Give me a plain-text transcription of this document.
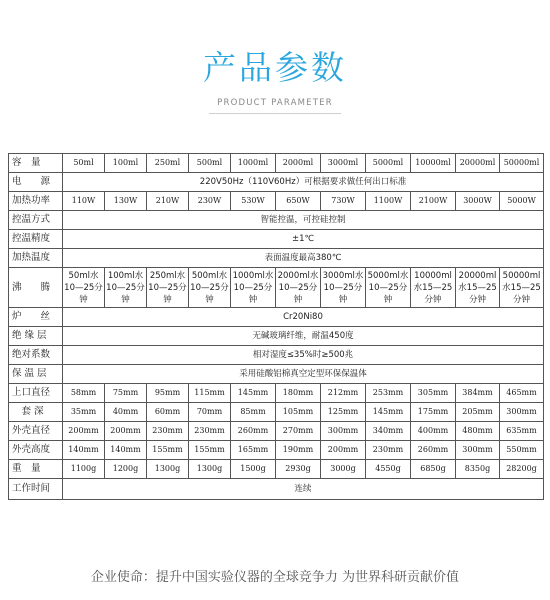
产品参数
PRODUCT PARAMETER
容　量	50ml	100ml	250ml	500ml	1000ml	2000ml	3000ml	5000ml	10000ml	20000ml	50000ml
电　　源	220V50Hz（110V60Hz）可根据要求做任何出口标准										
加热功率	110W	130W	210W	230W	530W	650W	730W	1100W	2100W	3000W	5000W
控温方式	智能控温，可控硅控制										
控温精度	±1℃										
加热温度	表面温度最高380℃										
沸　　腾	50ml水10—25分钟	100ml水10—25分钟	250ml水10—25分钟	500ml水10—25分钟	1000ml水10—25分钟	2000ml水10—25分钟	3000ml水10—25分钟	5000ml水10—25分钟	10000ml水15—25分钟	20000ml水15—25分钟	50000ml水15—25分钟
炉　　丝	Cr20Ni80										
绝 缘 层	无碱玻璃纤维，耐温450度										
绝对系数	相对湿度≤35%时≥500兆										
保 温 层	采用硅酸铝棉真空定型环保保温体										
上口直径	58mm	75mm	95mm	115mm	145mm	180mm	212mm	253mm	305mm	384mm	465mm
　套 深	35mm	40mm	60mm	70mm	85mm	105mm	125mm	145mm	175mm	205mm	300mm
外壳直径	200mm	200mm	230mm	230mm	260mm	270mm	300mm	340mm	400mm	480mm	635mm
外壳高度	140mm	140mm	155mm	155mm	165mm	190mm	200mm	230mm	260mm	300mm	550mm
重　量	1100g	1200g	1300g	1300g	1500g	2930g	3000g	4550g	6850g	8350g	28200g
工作时间	连续										
企业使命：提升中国实验仪器的全球竞争力 为世界科研贡献价值
